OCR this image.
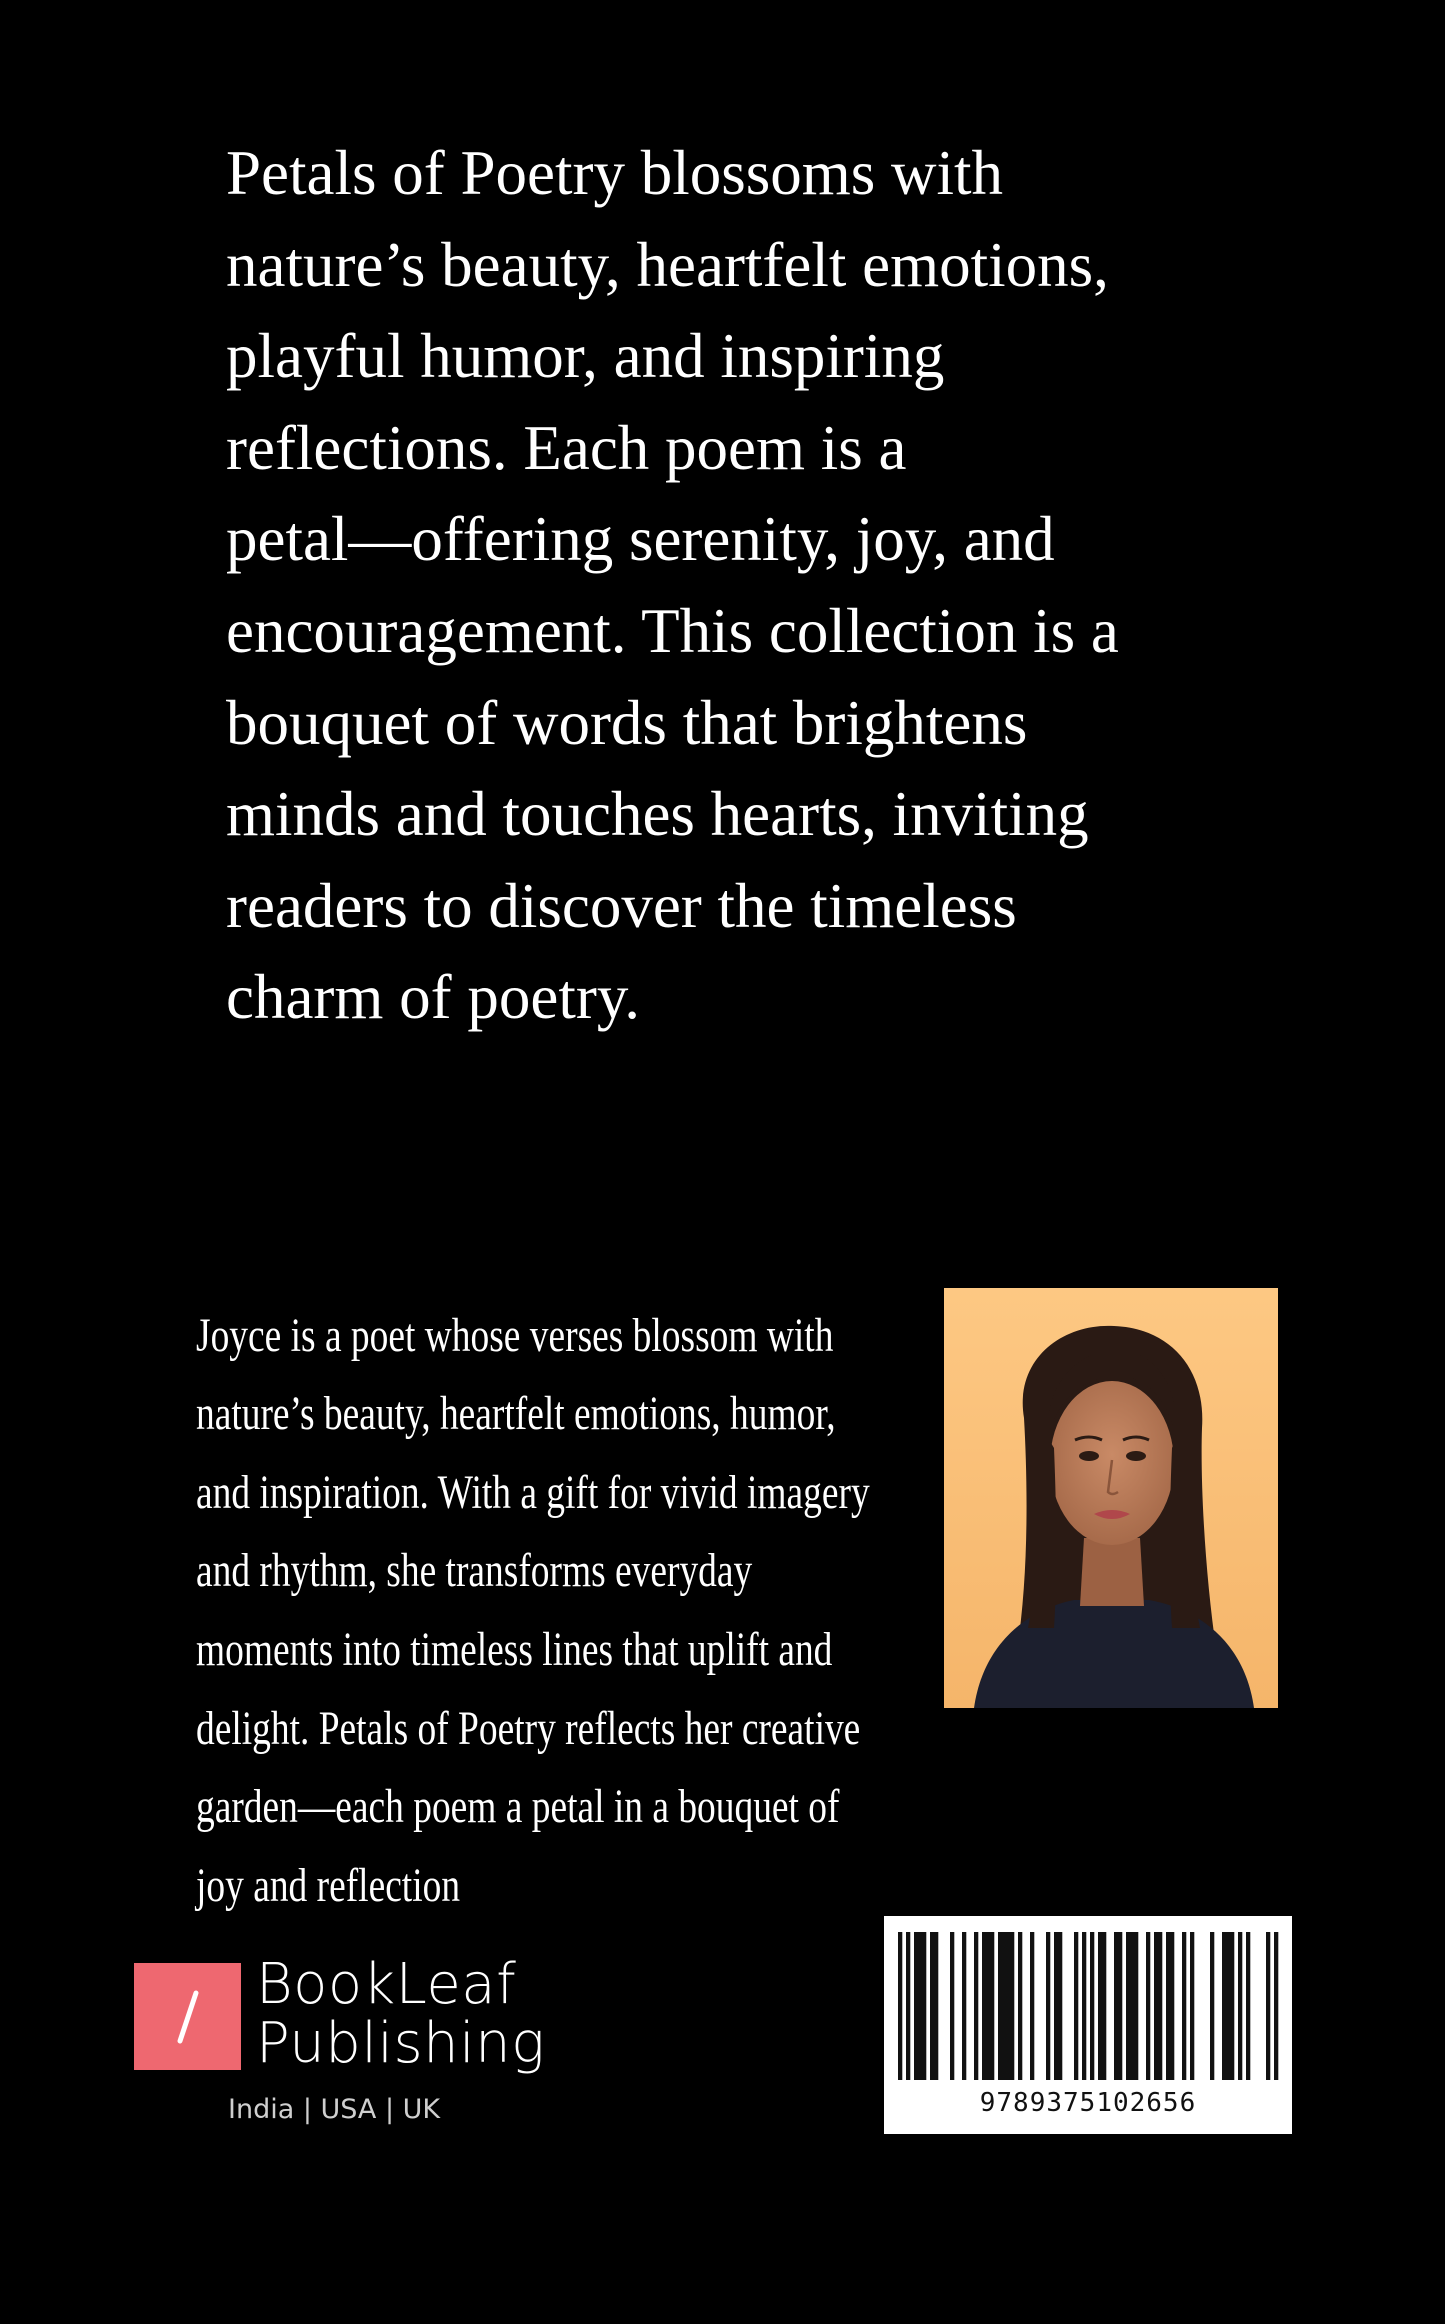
Petals of Poetry blossoms with
nature’s beauty, heartfelt emotions,
playful humor, and inspiring
reflections. Each poem is a
petal—offering serenity, joy, and
encouragement. This collection is a
bouquet of words that brightens
minds and touches hearts, inviting
readers to discover the timeless
charm of poetry.

Joyce is a poet whose verses blossom with
nature’s beauty, heartfelt emotions, humor,
and inspiration. With a gift for vivid imagery
and rhythm, she transforms everyday
moments into timeless lines that uplift and
delight. Petals of Poetry reflects her creative
garden—each poem a petal in a bouquet of
joy and reflection

BookLeaf
Publishing
India | USA | UK	9789375102656
